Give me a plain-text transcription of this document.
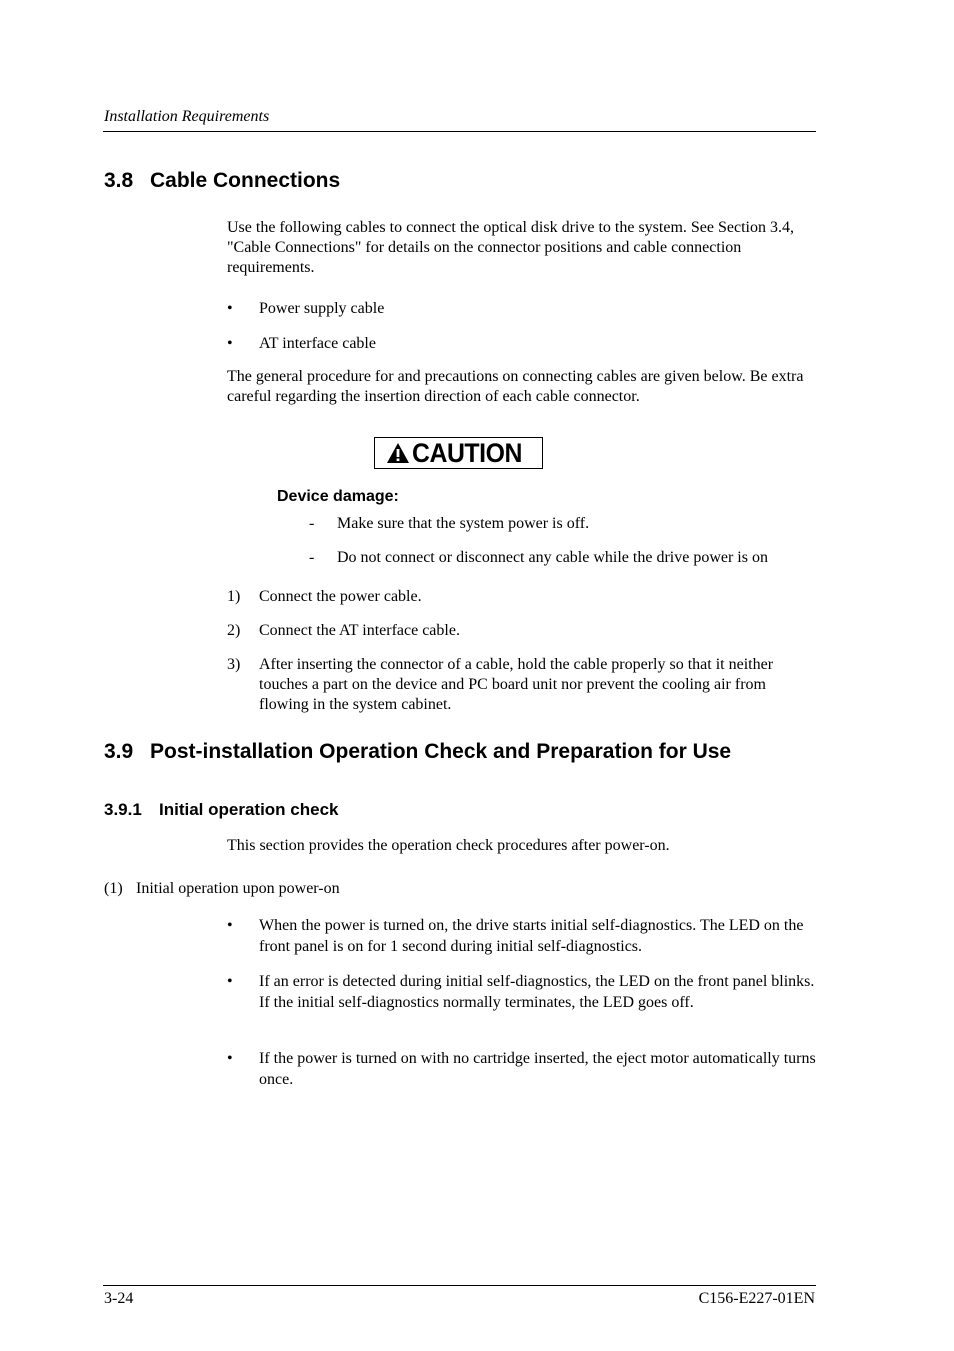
Installation Requirements
3.8 Cable Connections
Use the following cables to connect the optical disk drive to the system. See Section 3.4, "Cable Connections" for details on the connector positions and cable connection requirements.
• Power supply cable
• AT interface cable
The general procedure for and precautions on connecting cables are given below. Be extra careful regarding the insertion direction of each cable connector.
CAUTION
Device damage:
- Make sure that the system power is off.
- Do not connect or disconnect any cable while the drive power is on
1) Connect the power cable.
2) Connect the AT interface cable.
3) After inserting the connector of a cable, hold the cable properly so that it neither touches a part on the device and PC board unit nor prevent the cooling air from flowing in the system cabinet.
3.9 Post-installation Operation Check and Preparation for Use
3.9.1 Initial operation check
This section provides the operation check procedures after power-on.
(1) Initial operation upon power-on
• When the power is turned on, the drive starts initial self-diagnostics. The LED on the front panel is on for 1 second during initial self-diagnostics.
• If an error is detected during initial self-diagnostics, the LED on the front panel blinks. If the initial self-diagnostics normally terminates, the LED goes off.
• If the power is turned on with no cartridge inserted, the eject motor automatically turns once.
3-24	C156-E227-01EN
